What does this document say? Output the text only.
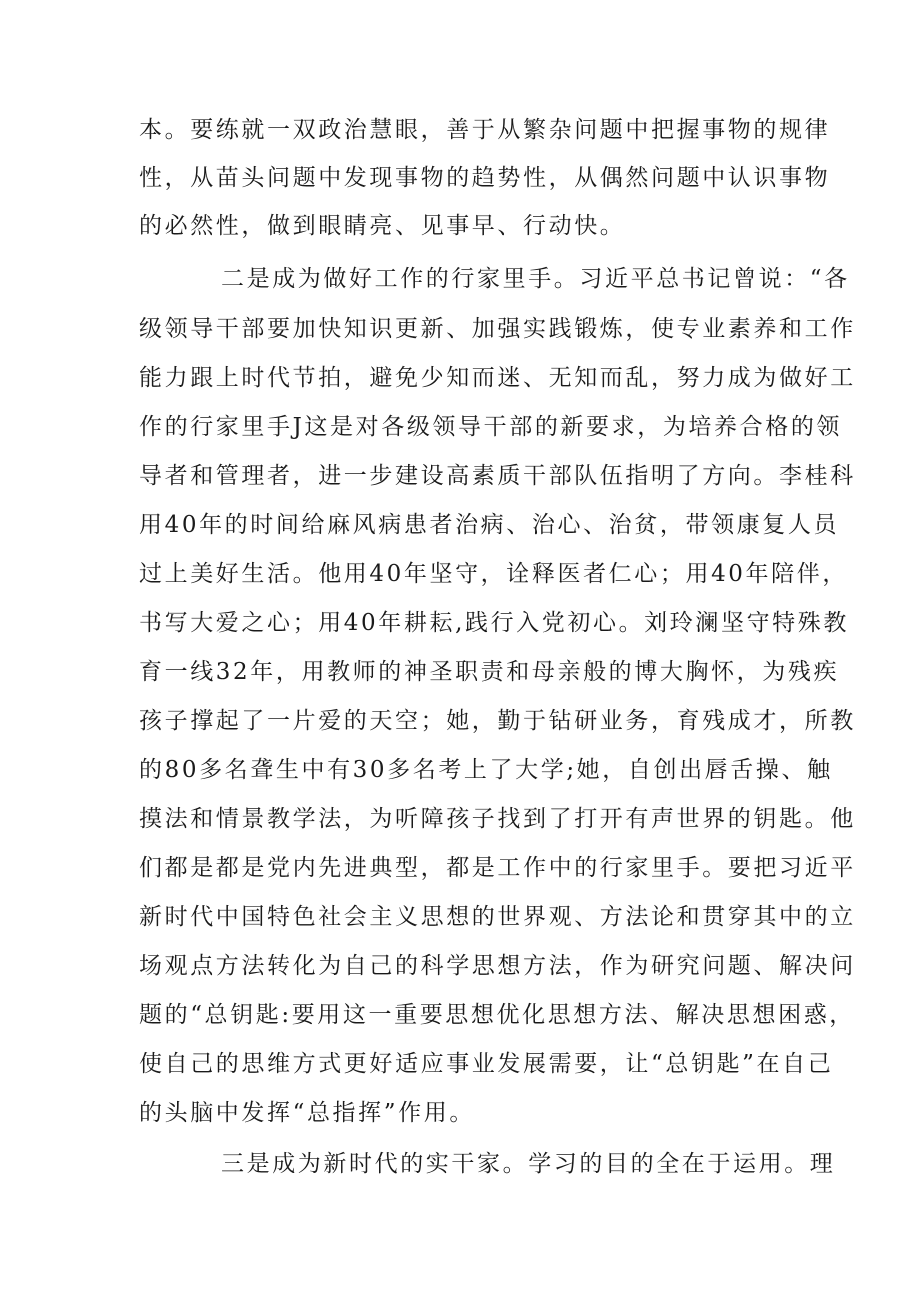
本。要练就一双政治慧眼，善于从繁杂问题中把握事物的规律
性，从苗头问题中发现事物的趋势性，从偶然问题中认识事物
的必然性，做到眼睛亮、见事早、行动快。
二是成为做好工作的行家里手。习近平总书记曾说：“各
级领导干部要加快知识更新、加强实践锻炼，使专业素养和工作
能力跟上时代节拍，避免少知而迷、无知而乱，努力成为做好工
作的行家里手J这是对各级领导干部的新要求，为培养合格的领
导者和管理者，进一步建设高素质干部队伍指明了方向。李桂科
用40年的时间给麻风病患者治病、治心、治贫，带领康复人员
过上美好生活。他用40年坚守，诠释医者仁心；用40年陪伴，
书写大爱之心；用40年耕耘,践行入党初心。刘玲澜坚守特殊教
育一线32年，用教师的神圣职责和母亲般的博大胸怀，为残疾
孩子撑起了一片爱的天空；她，勤于钻研业务，育残成才，所教
的80多名聋生中有30多名考上了大学;她，自创出唇舌操、触
摸法和情景教学法，为听障孩子找到了打开有声世界的钥匙。他
们都是都是党内先进典型，都是工作中的行家里手。要把习近平
新时代中国特色社会主义思想的世界观、方法论和贯穿其中的立
场观点方法转化为自己的科学思想方法，作为研究问题、解决问
题的“总钥匙:要用这一重要思想优化思想方法、解决思想困惑，
使自己的思维方式更好适应事业发展需要，让“总钥匙”在自己
的头脑中发挥“总指挥”作用。
三是成为新时代的实干家。学习的目的全在于运用。理
